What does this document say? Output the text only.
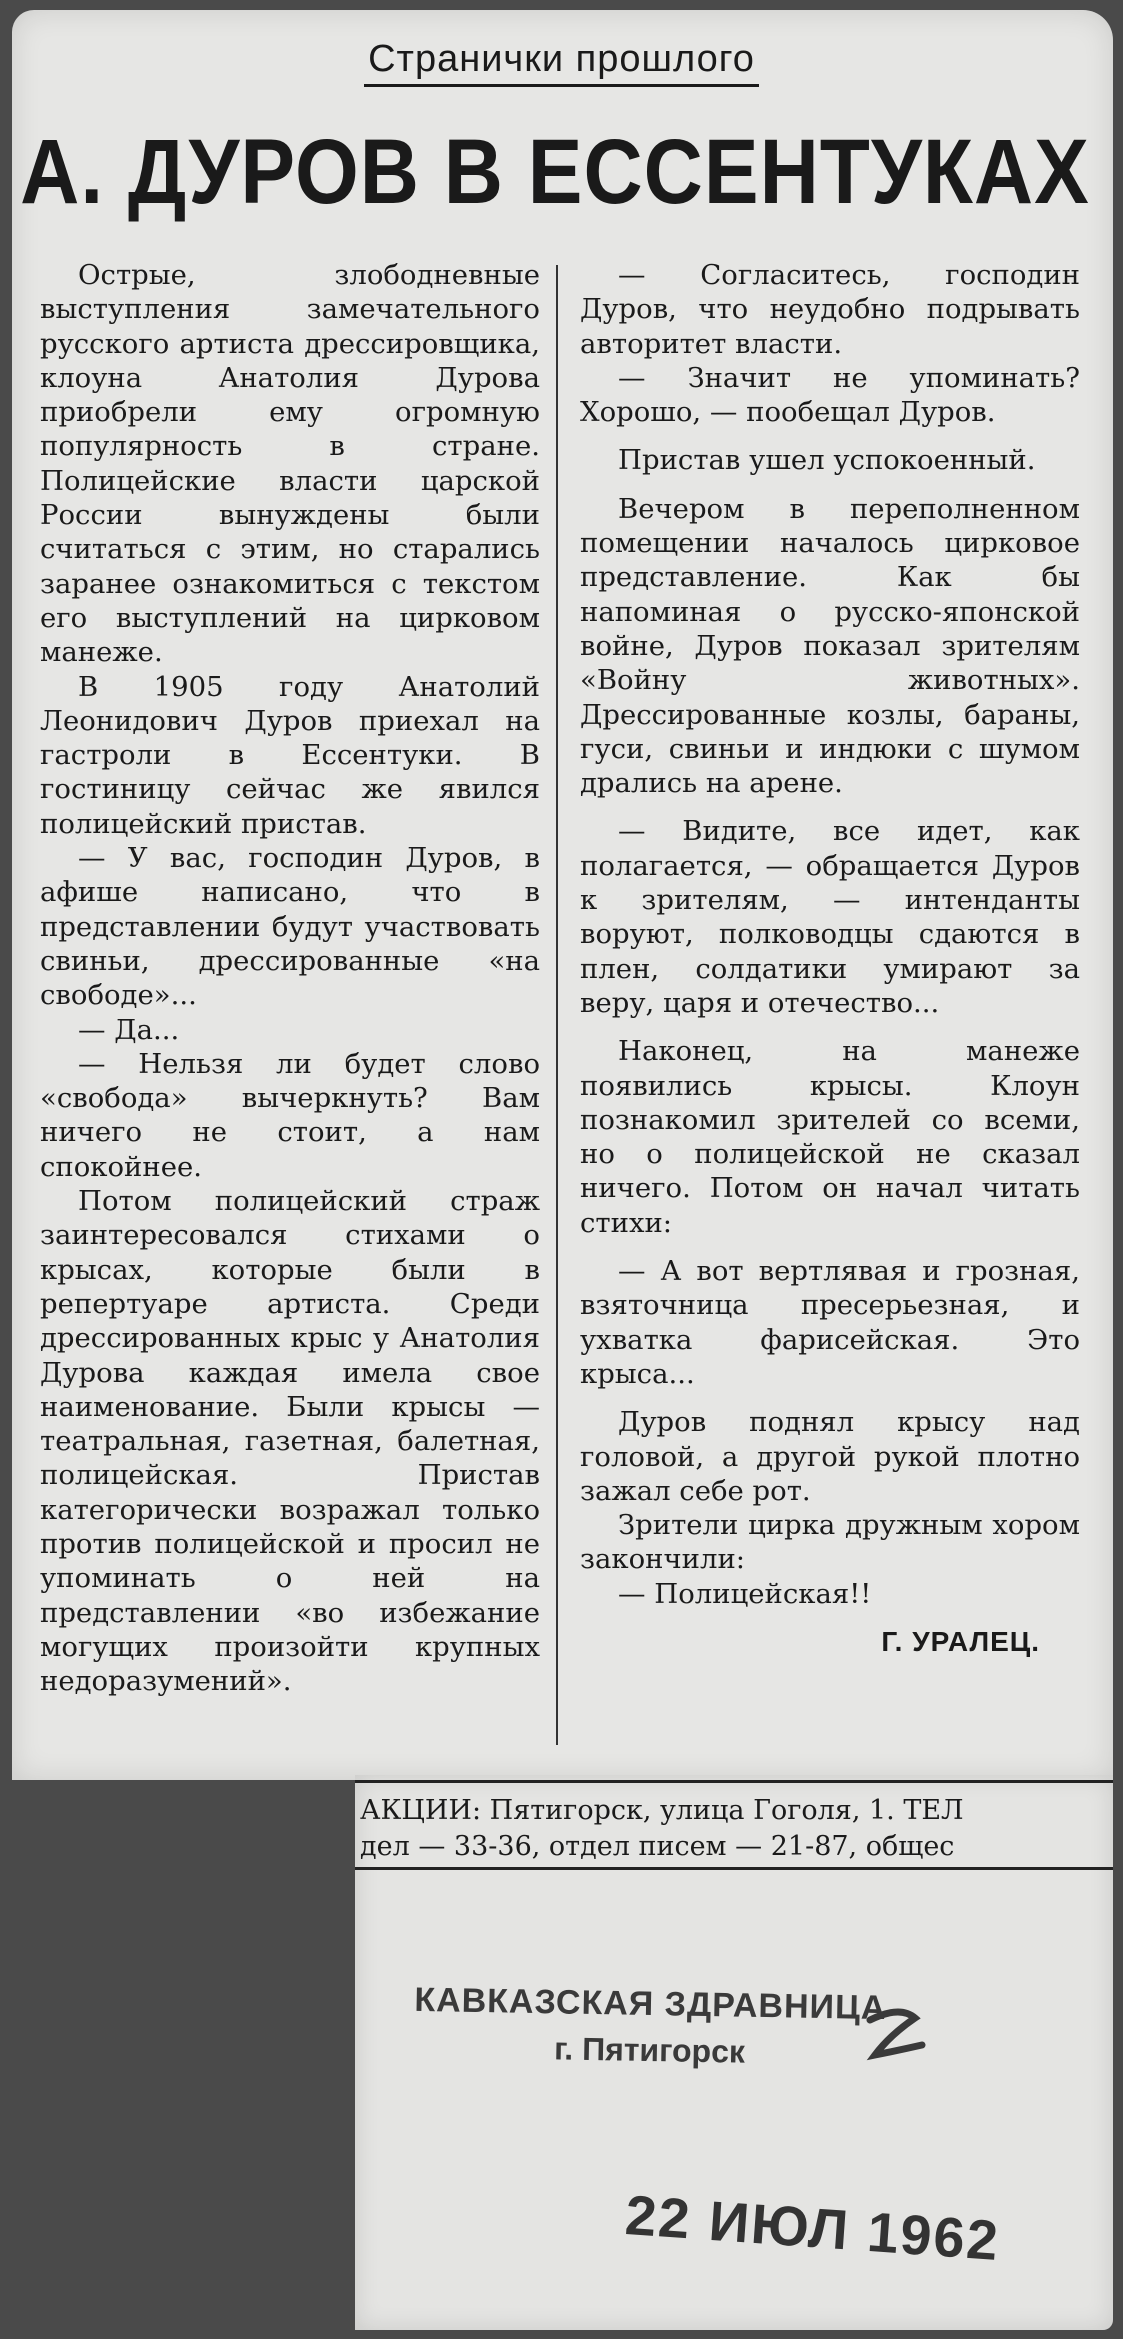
Странички прошлого
А. ДУРОВ В ЕССЕНТУКАХ

Острые, злободневные выступления замечательного русского артиста дрессировщика, клоуна Анатолия Дурова приобрели ему огромную популярность в стране. Полицейские власти царской России вынуждены были считаться с этим, но старались заранее ознакомиться с текстом его выступлений на цирковом манеже.

В 1905 году Анатолий Леонидович Дуров приехал на гастроли в Ессентуки. В гостиницу сейчас же явился полицейский пристав.

— У вас, господин Дуров, в афише написано, что в представлении будут участвовать свиньи, дрессированные «на свободе»...

— Да...

— Нельзя ли будет слово «свобода» вычеркнуть? Вам ничего не стоит, а нам спокойнее.

Потом полицейский страж заинтересовался стихами о крысах, которые были в репертуаре артиста. Среди дрессированных крыс у Анатолия Дурова каждая имела свое наименование. Были крысы — театральная, газетная, балетная, полицейская. Пристав категорически возражал только против полицейской и просил не упоминать о ней на представлении «во избежание могущих произойти крупных недоразумений».

— Согласитесь, господин Дуров, что неудобно подрывать авторитет власти.

— Значит не упоминать? Хорошо, — пообещал Дуров.

Пристав ушел успокоенный.

Вечером в переполненном помещении началось цирковое представление. Как бы напоминая о русско-японской войне, Дуров показал зрителям «Войну животных». Дрессированные козлы, бараны, гуси, свиньи и индюки с шумом дрались на арене.

— Видите, все идет, как полагается, — обращается Дуров к зрителям, — интенданты воруют, полководцы сдаются в плен, солдатики умирают за веру, царя и отечество...

Наконец, на манеже появились крысы. Клоун познакомил зрителей со всеми, но о полицейской не сказал ничего. Потом он начал читать стихи:

— А вот вертлявая и грозная, взяточница пресерьезная, и ухватка фарисейская. Это крыса...

Дуров поднял крысу над головой, а другой рукой плотно зажал себе рот.

Зрители цирка дружным хором закончили:

— Полицейская!!

Г. УРАЛЕЦ.
АКЦИИ: Пятигорск, улица Гоголя, 1. ТЕЛ
дел — 33-36, отдел писем — 21-87, общес
КАВКАЗСКАЯ ЗДРАВНИЦА
г. Пятигорск
22 ИЮЛ 1962
